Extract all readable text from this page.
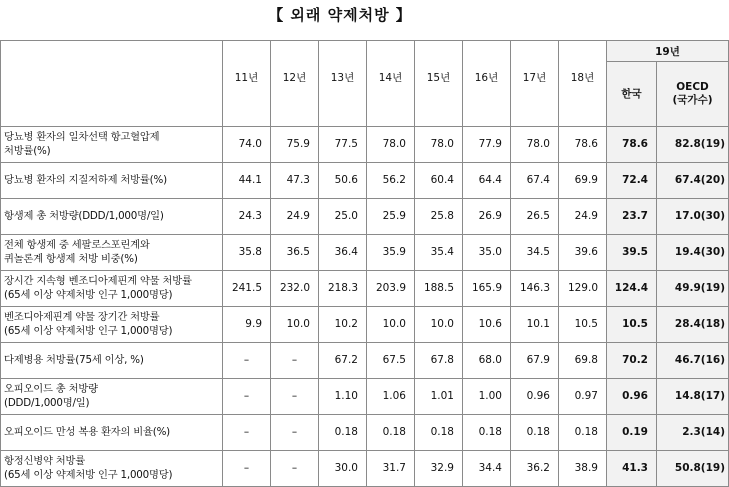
【 외래 약제처방 】
									19년	
	11년	12년	13년	14년	15년	16년	17년	18년	한국	OECD
(국가수)

당뇨병 환자의 일차선택 항고혈압제
처방률(%)	74.0	75.9	77.5	78.0	78.0	77.9	78.0	78.6	78.6	82.8(19)

당뇨병 환자의 지질저하제 처방률(%)	44.1	47.3	50.6	56.2	60.4	64.4	67.4	69.9	72.4	67.4(20)

항생제 총 처방량(DDD/1,000명/일)	24.3	24.9	25.0	25.9	25.8	26.9	26.5	24.9	23.7	17.0(30)

전체 항생제 중 세팔로스포린계와
퀴놀론계 항생제 처방 비중(%)	35.8	36.5	36.4	35.9	35.4	35.0	34.5	39.6	39.5	19.4(30)

장시간 지속형 벤조디아제핀계 약물 처방률
(65세 이상 약제처방 인구 1,000명당)	241.5	232.0	218.3	203.9	188.5	165.9	146.3	129.0	124.4	49.9(19)

벤조디아제핀계 약물 장기간 처방률
(65세 이상 약제처방 인구 1,000명당)	9.9	10.0	10.2	10.0	10.0	10.6	10.1	10.5	10.5	28.4(18)

다제병용 처방률(75세 이상, %)	–	–	67.2	67.5	67.8	68.0	67.9	69.8	70.2	46.7(16)

오피오이드 총 처방량
(DDD/1,000명/일)	–	–	1.10	1.06	1.01	1.00	0.96	0.97	0.96	14.8(17)

오피오이드 만성 복용 환자의 비율(%)	–	–	0.18	0.18	0.18	0.18	0.18	0.18	0.19	2.3(14)

항정신병약 처방률
(65세 이상 약제처방 인구 1,000명당)	–	–	30.0	31.7	32.9	34.4	36.2	38.9	41.3	50.8(19)
